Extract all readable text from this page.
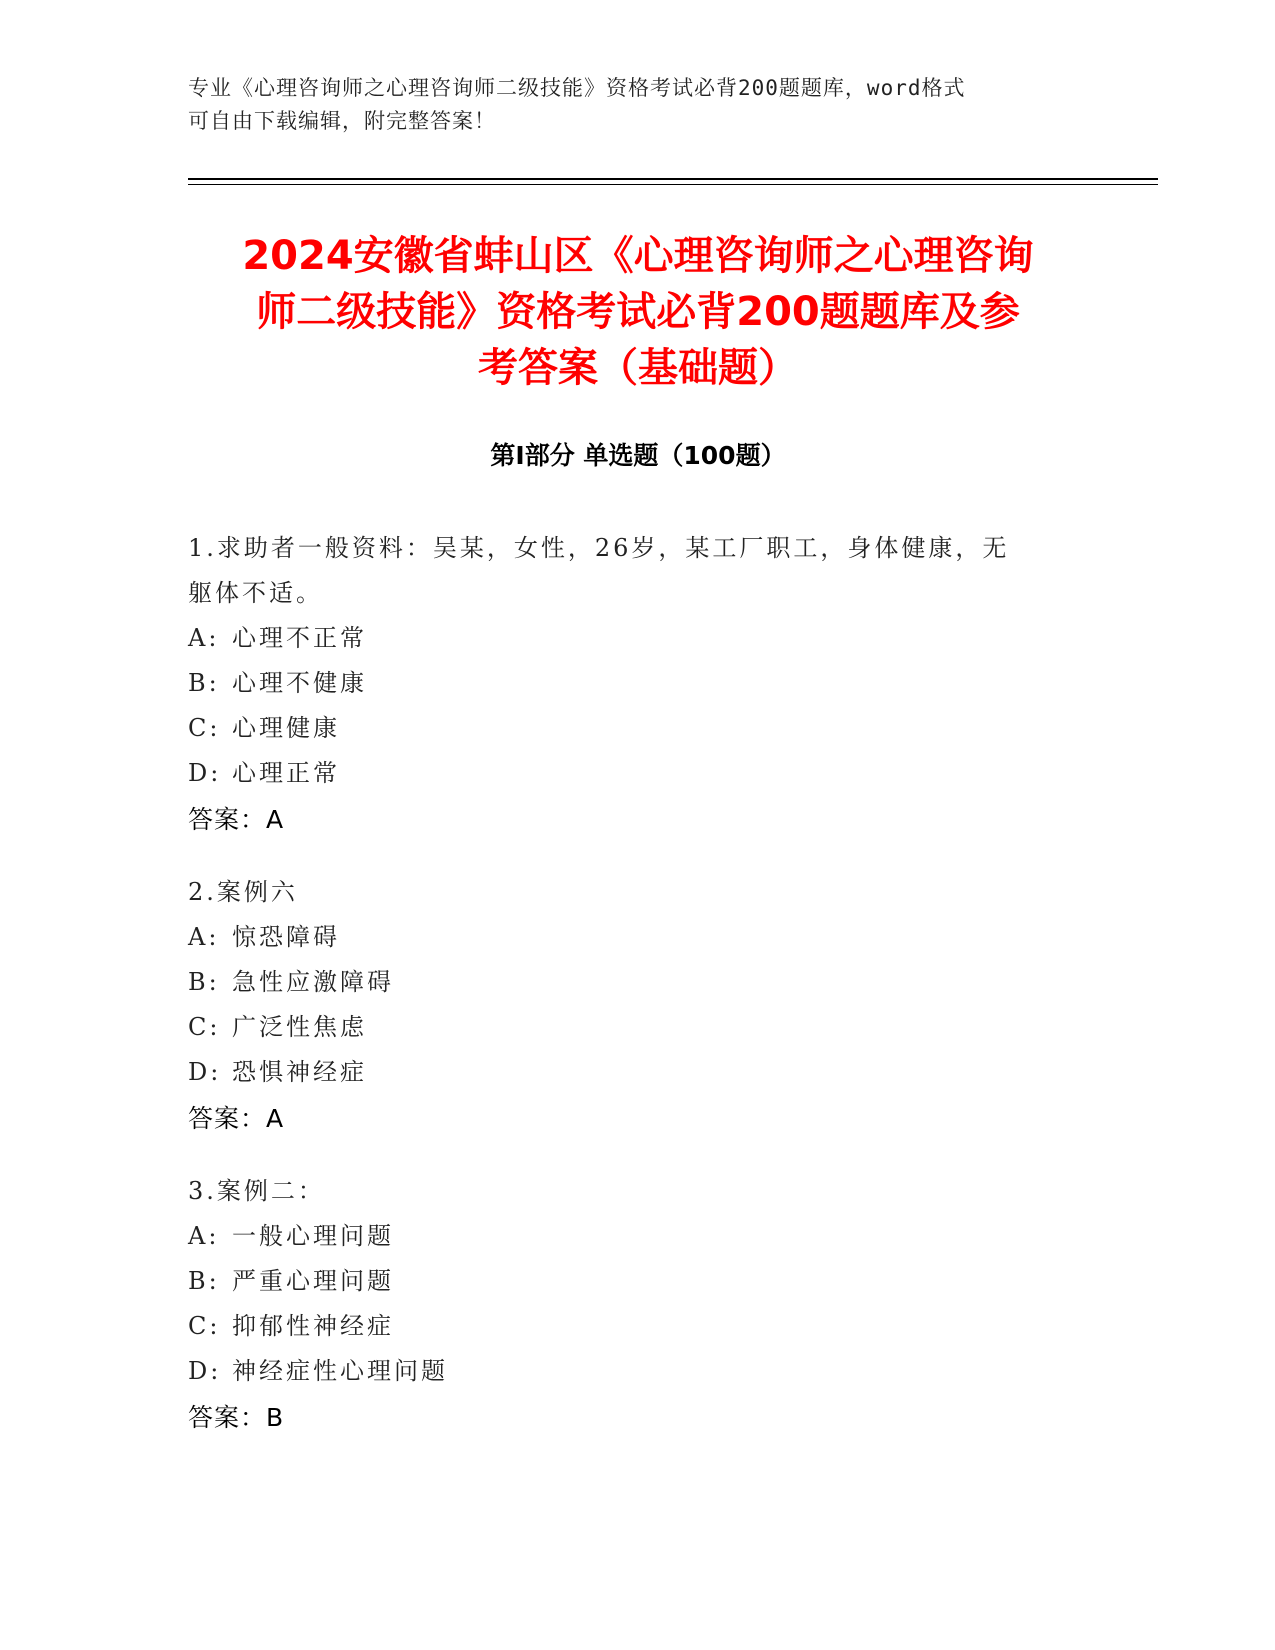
专业《心理咨询师之心理咨询师二级技能》资格考试必背200题题库，word格式
可自由下载编辑，附完整答案！
2024安徽省蚌山区《心理咨询师之心理咨询
师二级技能》资格考试必背200题题库及参
考答案（基础题）
第Ⅰ部分 单选题（100题）
1.求助者一般资料：吴某，女性，26岁，某工厂职工，身体健康，无
躯体不适。
A: 心理不正常
B: 心理不健康
C: 心理健康
D: 心理正常
答案：A
2.案例六
A: 惊恐障碍
B: 急性应激障碍
C: 广泛性焦虑
D: 恐惧神经症
答案：A
3.案例二：
A: 一般心理问题
B: 严重心理问题
C: 抑郁性神经症
D: 神经症性心理问题
答案：B
